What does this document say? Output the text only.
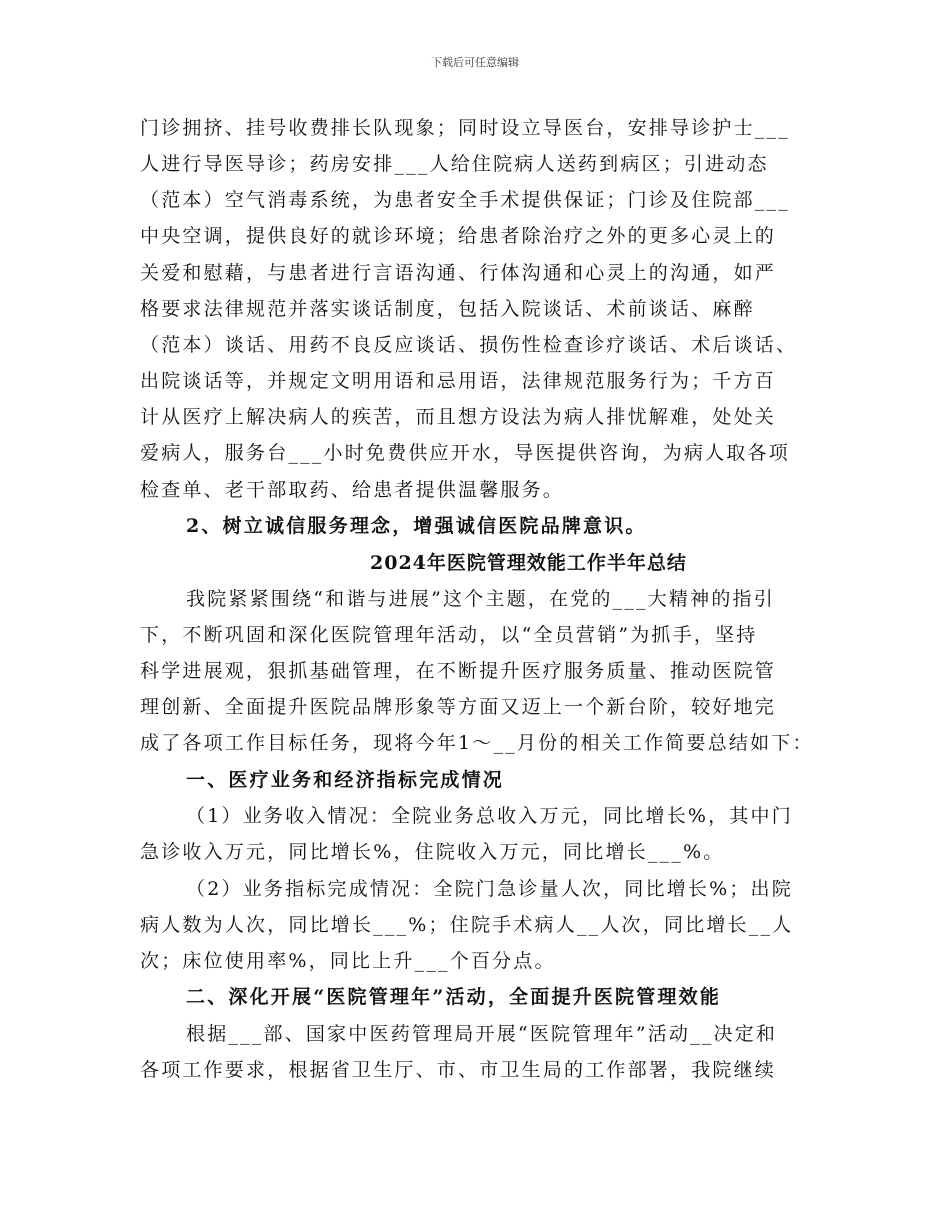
下载后可任意编辑
门诊拥挤、挂号收费排长队现象；同时设立导医台，安排导诊护士___
人进行导医导诊；药房安排___人给住院病人送药到病区；引进动态
（范本）空气消毒系统，为患者安全手术提供保证；门诊及住院部___
中央空调，提供良好的就诊环境；给患者除治疗之外的更多心灵上的
关爱和慰藉，与患者进行言语沟通、行体沟通和心灵上的沟通，如严
格要求法律规范并落实谈话制度，包括入院谈话、术前谈话、麻醉
（范本）谈话、用药不良反应谈话、损伤性检查诊疗谈话、术后谈话、
出院谈话等，并规定文明用语和忌用语，法律规范服务行为；千方百
计从医疗上解决病人的疾苦，而且想方设法为病人排忧解难，处处关
爱病人，服务台___小时免费供应开水，导医提供咨询，为病人取各项
检查单、老干部取药、给患者提供温馨服务。
2、树立诚信服务理念，增强诚信医院品牌意识。
2024年医院管理效能工作半年总结
我院紧紧围绕“和谐与进展”这个主题，在党的___大精神的指引
下，不断巩固和深化医院管理年活动，以“全员营销”为抓手，坚持
科学进展观，狠抓基础管理，在不断提升医疗服务质量、推动医院管
理创新、全面提升医院品牌形象等方面又迈上一个新台阶，较好地完
成了各项工作目标任务，现将今年1～__月份的相关工作简要总结如下：
一、医疗业务和经济指标完成情况
（1）业务收入情况：全院业务总收入万元，同比增长%，其中门
急诊收入万元，同比增长%，住院收入万元，同比增长___%。
（2）业务指标完成情况：全院门急诊量人次，同比增长%；出院
病人数为人次，同比增长___%；住院手术病人__人次，同比增长__人
次；床位使用率%，同比上升___个百分点。
二、深化开展“医院管理年”活动，全面提升医院管理效能
根据___部、国家中医药管理局开展“医院管理年”活动__决定和
各项工作要求，根据省卫生厅、市、市卫生局的工作部署，我院继续
